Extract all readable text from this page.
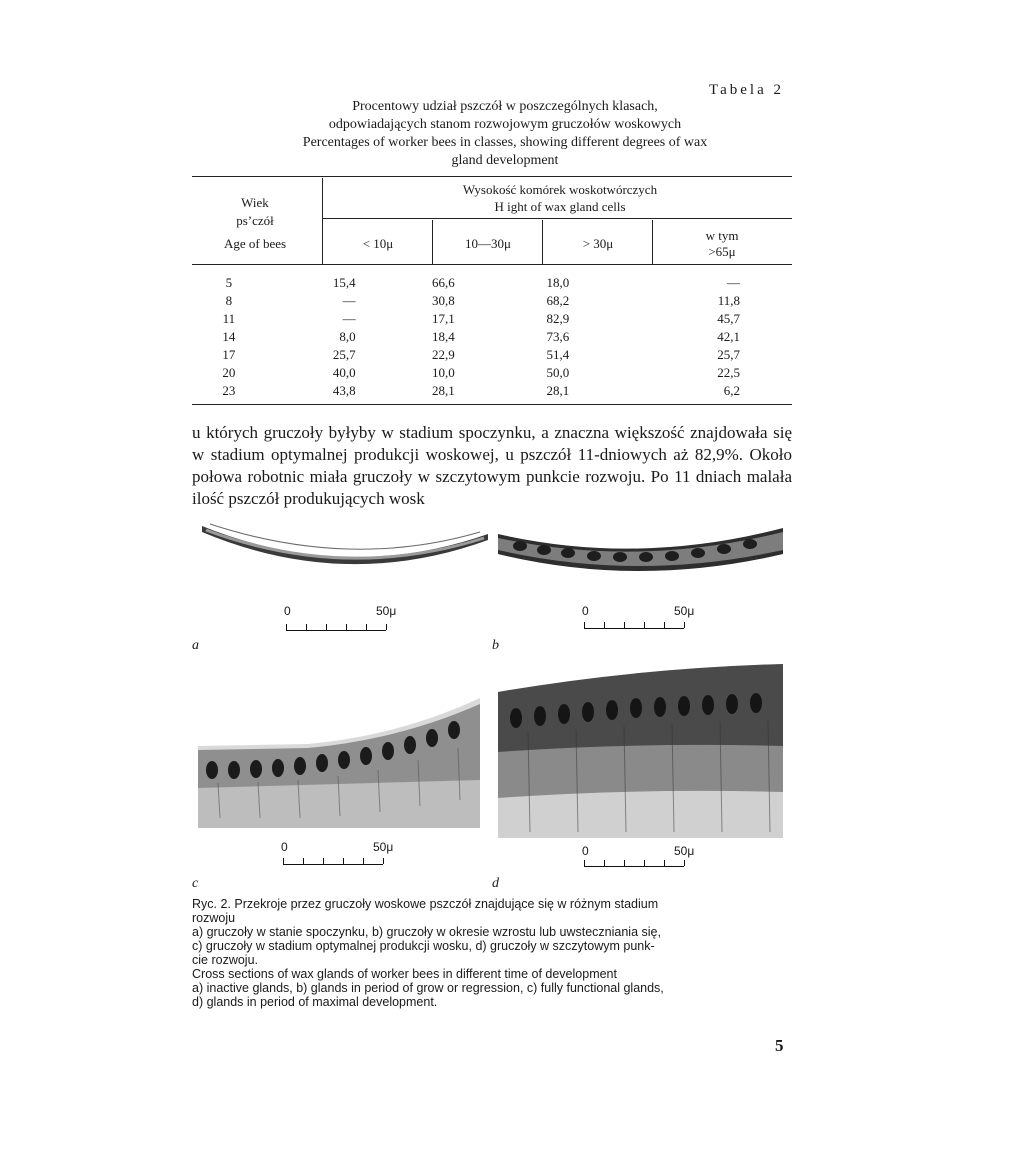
Tabela 2
Procentowy udział pszczół w poszczególnych klasach,
odpowiadających stanom rozwojowym gruczołów woskowych
Percentages of worker bees in classes, showing different degrees of wax
gland development
Wiek
ps’czół
Age of bees
Wysokość komórek woskotwórczych
H ight of wax gland cells
< 10μ	10—30μ	> 30μ
w tym
>65μ
5	15,4	66,6	18,0	—
8	—	30,8	68,2	11,8
11	—	17,1	82,9	45,7
14	8,0	18,4	73,6	42,1
17	25,7	22,9	51,4	25,7
20	40,0	10,0	50,0	22,5
23	43,8	28,1	28,1	6,2
u których gruczoły byłyby w stadium spoczynku, a znaczna większość znajdowała się w stadium optymalnej produkcji woskowej, u pszczół 11-dniowych aż 82,9%. Około połowa robotnic miała gruczoły w szczytowym punkcie rozwoju. Po 11 dniach malała ilość pszczół produkujących wosk
0	50μ	0	50μ
a	b
0	50μ	0	50μ
c	d
Ryc. 2. Przekroje przez gruczoły woskowe pszczół znajdujące się w różnym stadium
rozwoju
a) gruczoły w stanie spoczynku, b) gruczoły w okresie wzrostu lub uwsteczniania się,
c) gruczoły w stadium optymalnej produkcji wosku, d) gruczoły w szczytowym punk-
cie rozwoju.
Cross sections of wax glands of worker bees in different time of development
a) inactive glands, b) glands in period of grow or regression, c) fully functional glands,
d) glands in period of maximal development.
5
